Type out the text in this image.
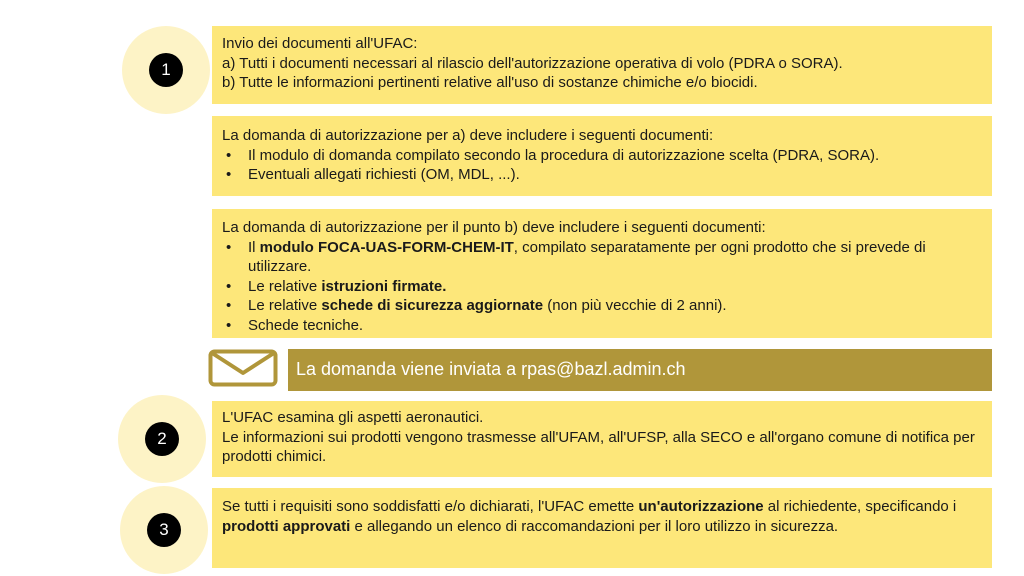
1
2
3

Invio dei documenti all'UFAC:

a) Tutti i documenti necessari al rilascio dell'autorizzazione operativa di volo (PDRA o SORA).

b) Tutte le informazioni pertinenti relative all'uso di sostanze chimiche e/o biocidi.

La domanda di autorizzazione per a) deve includere i seguenti documenti:

• Il modulo di domanda compilato secondo la procedura di autorizzazione scelta (PDRA, SORA).
• Eventuali allegati richiesti (OM, MDL, ...).

La domanda di autorizzazione per il punto b) deve includere i seguenti documenti:

• Il modulo FOCA-UAS-FORM-CHEM-IT, compilato separatamente per ogni prodotto che si prevede di utilizzare.
• Le relative istruzioni firmate.
• Le relative schede di sicurezza aggiornate (non più vecchie di 2 anni).
• Schede tecniche.
La domanda viene inviata a rpas@bazl.admin.ch

L'UFAC esamina gli aspetti aeronautici.

Le informazioni sui prodotti vengono trasmesse all'UFAM, all'UFSP, alla SECO e all'organo comune di notifica per prodotti chimici.

Se tutti i requisiti sono soddisfatti e/o dichiarati, l'UFAC emette un'autorizzazione al richiedente, specificando i prodotti approvati e allegando un elenco di raccomandazioni per il loro utilizzo in sicurezza.
